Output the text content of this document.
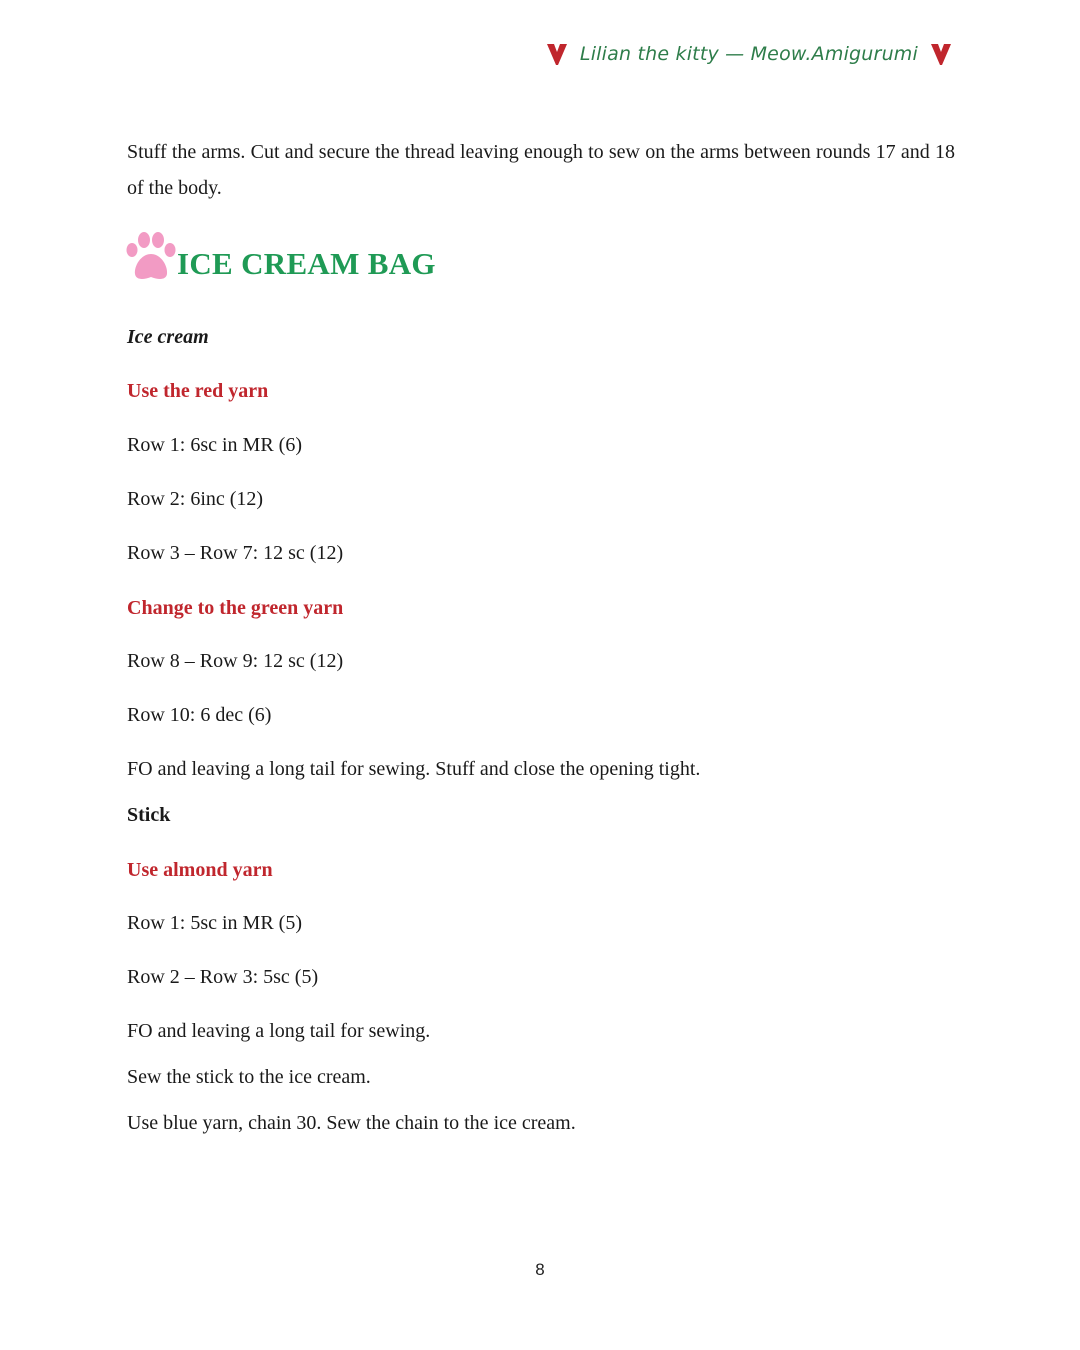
Lilian the kitty — Meow.Amigurumi
Stuff the arms. Cut and secure the thread leaving enough to sew on the arms between rounds 17 and 18 of the body.
ICE CREAM BAG
Ice cream
Use the red yarn
Row 1: 6sc in MR (6)
Row 2: 6inc (12)
Row 3 – Row 7: 12 sc (12)
Change to the green yarn
Row 8 – Row 9: 12 sc (12)
Row 10: 6 dec (6)
FO and leaving a long tail for sewing. Stuff and close the opening tight.
Stick
Use almond yarn
Row 1: 5sc in MR (5)
Row 2 – Row 3: 5sc (5)
FO and leaving a long tail for sewing.
Sew the stick to the ice cream.
Use blue yarn, chain 30. Sew the chain to the ice cream.
8
